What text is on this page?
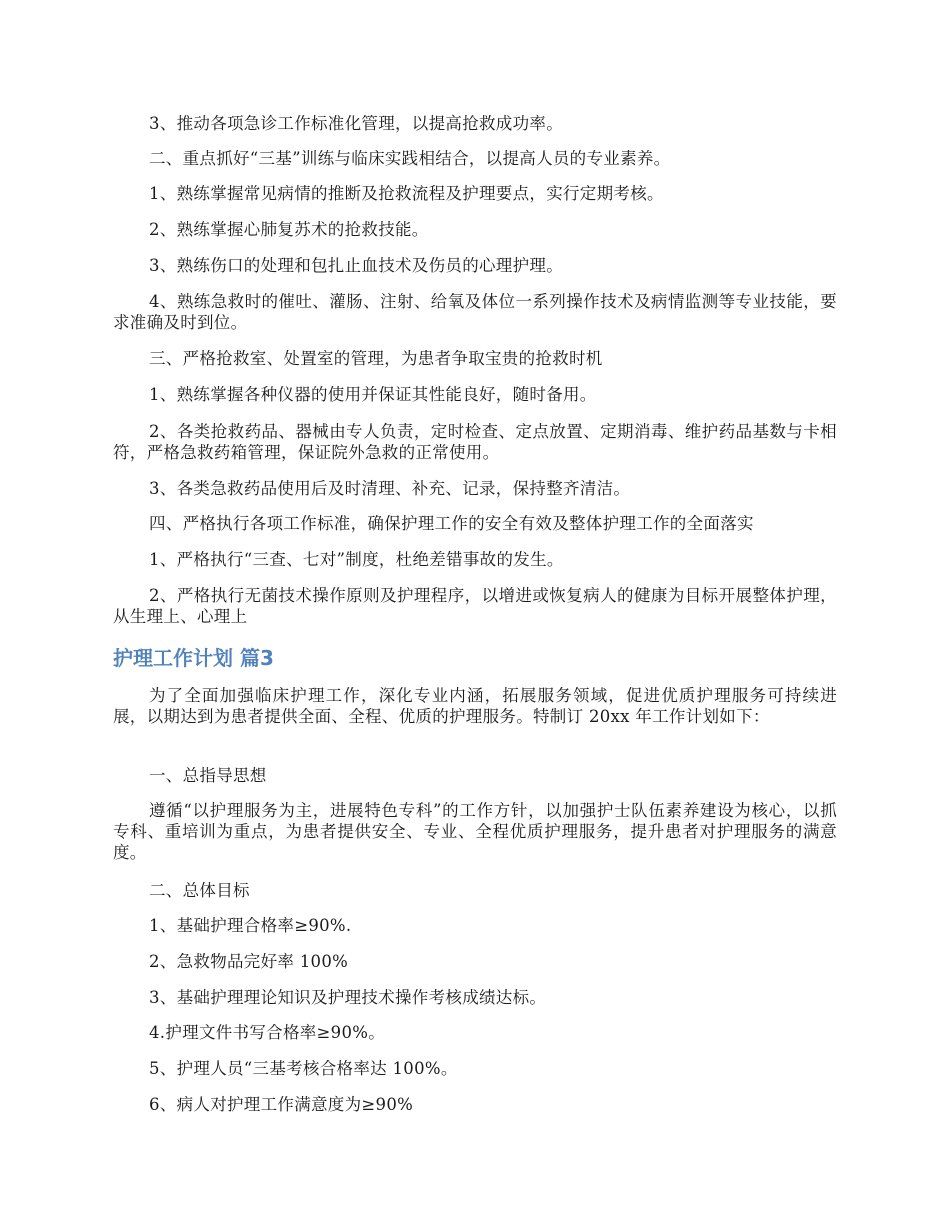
3、推动各项急诊工作标准化管理，以提高抢救成功率。

二、重点抓好“三基”训练与临床实践相结合，以提高人员的专业素养。

1、熟练掌握常见病情的推断及抢救流程及护理要点，实行定期考核。

2、熟练掌握心肺复苏术的抢救技能。

3、熟练伤口的处理和包扎止血技术及伤员的心理护理。

4、熟练急救时的催吐、灌肠、注射、给氧及体位一系列操作技术及病情监测等专业技能，要求准确及时到位。

三、严格抢救室、处置室的管理，为患者争取宝贵的抢救时机

1、熟练掌握各种仪器的使用并保证其性能良好，随时备用。

2、各类抢救药品、器械由专人负责，定时检查、定点放置、定期消毒、维护药品基数与卡相符，严格急救药箱管理，保证院外急救的正常使用。

3、各类急救药品使用后及时清理、补充、记录，保持整齐清洁。

四、严格执行各项工作标准，确保护理工作的安全有效及整体护理工作的全面落实

1、严格执行“三查、七对”制度，杜绝差错事故的发生。

2、严格执行无菌技术操作原则及护理程序，以增进或恢复病人的健康为目标开展整体护理，从生理上、心理上

护理工作计划 篇3

为了全面加强临床护理工作，深化专业内涵，拓展服务领域，促进优质护理服务可持续进展，以期达到为患者提供全面、全程、优质的护理服务。特制订 20xx 年工作计划如下：

一、总指导思想

遵循“以护理服务为主，进展特色专科”的工作方针，以加强护士队伍素养建设为核心，以抓专科、重培训为重点，为患者提供安全、专业、全程优质护理服务，提升患者对护理服务的满意度。

二、总体目标

1、基础护理合格率≥90%.

2、急救物品完好率 100%

3、基础护理理论知识及护理技术操作考核成绩达标。

4.护理文件书写合格率≥90%。

5、护理人员“三基考核合格率达 100%。

6、病人对护理工作满意度为≥90%
